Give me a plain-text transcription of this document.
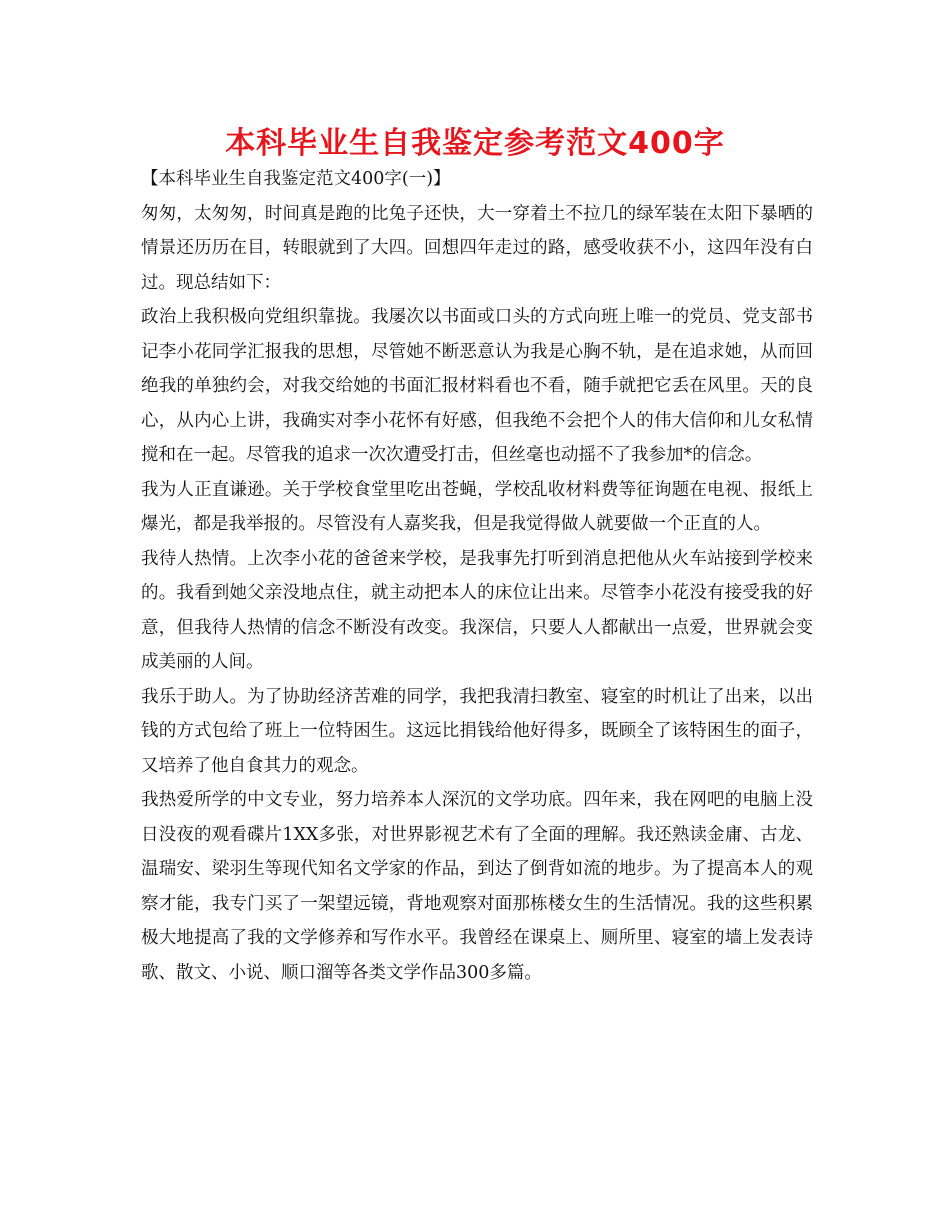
本科毕业生自我鉴定参考范文400字

【本科毕业生自我鉴定范文400字(一)】

匆匆，太匆匆，时间真是跑的比兔子还快，大一穿着土不拉几的绿军装在太阳下暴晒的情景还历历在目，转眼就到了大四。回想四年走过的路，感受收获不小，这四年没有白过。现总结如下：

政治上我积极向党组织靠拢。我屡次以书面或口头的方式向班上唯一的党员、党支部书记李小花同学汇报我的思想，尽管她不断恶意认为我是心胸不轨，是在追求她，从而回绝我的单独约会，对我交给她的书面汇报材料看也不看，随手就把它丢在风里。天的良心，从内心上讲，我确实对李小花怀有好感，但我绝不会把个人的伟大信仰和儿女私情搅和在一起。尽管我的追求一次次遭受打击，但丝毫也动摇不了我参加*的信念。

我为人正直谦逊。关于学校食堂里吃出苍蝇，学校乱收材料费等征询题在电视、报纸上爆光，都是我举报的。尽管没有人嘉奖我，但是我觉得做人就要做一个正直的人。

我待人热情。上次李小花的爸爸来学校，是我事先打听到消息把他从火车站接到学校来的。我看到她父亲没地点住，就主动把本人的床位让出来。尽管李小花没有接受我的好意，但我待人热情的信念不断没有改变。我深信，只要人人都献出一点爱，世界就会变成美丽的人间。

我乐于助人。为了协助经济苦难的同学，我把我清扫教室、寝室的时机让了出来，以出钱的方式包给了班上一位特困生。这远比捐钱给他好得多，既顾全了该特困生的面子，又培养了他自食其力的观念。

我热爱所学的中文专业，努力培养本人深沉的文学功底。四年来，我在网吧的电脑上没日没夜的观看碟片1XX多张，对世界影视艺术有了全面的理解。我还熟读金庸、古龙、温瑞安、梁羽生等现代知名文学家的作品，到达了倒背如流的地步。为了提高本人的观察才能，我专门买了一架望远镜，背地观察对面那栋楼女生的生活情况。我的这些积累极大地提高了我的文学修养和写作水平。我曾经在课桌上、厕所里、寝室的墙上发表诗歌、散文、小说、顺口溜等各类文学作品300多篇。
